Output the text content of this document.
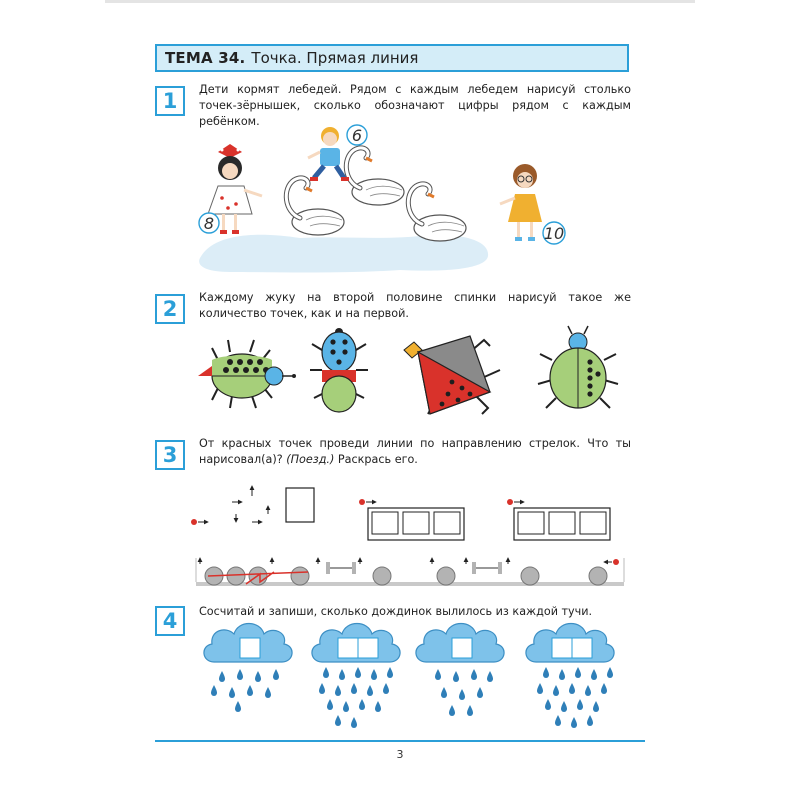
ТЕМА 34. Точка. Прямая линия
1	Дети кормят лебедей. Рядом с каждым лебедем нарисуй столько точек-зёрнышек, сколько обозначают цифры рядом с каждым ребёнком.
2	Каждому жуку на второй половине спинки нарисуй такое же количество точек, как и на первой.
3	От красных точек проведи линии по направлению стрелок. Что ты нарисовал(а)? (Поезд.) Раскрась его.
4	Сосчитай и запиши, сколько дождинок вылилось из каждой тучи.
8
6
10
3
